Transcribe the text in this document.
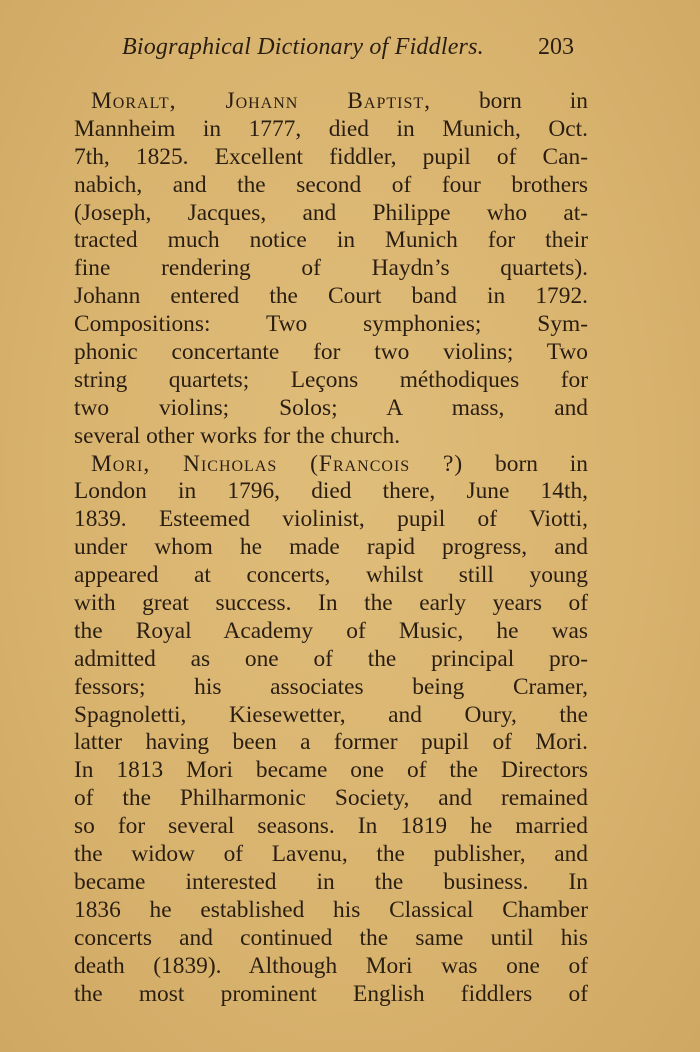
Biographical Dictionary of Fiddlers. 203
Moralt, Johann Baptist, born in
Mannheim in 1777, died in Munich, Oct.
7th, 1825. Excellent fiddler, pupil of Can-
nabich, and the second of four brothers
(Joseph, Jacques, and Philippe who at-
tracted much notice in Munich for their
fine rendering of Haydn’s quartets).
Johann entered the Court band in 1792.
Compositions: Two symphonies; Sym-
phonic concertante for two violins; Two
string quartets; Leçons méthodiques for
two violins; Solos; A mass, and
several other works for the church.
Mori, Nicholas (Francois ?) born in
London in 1796, died there, June 14th,
1839. Esteemed violinist, pupil of Viotti,
under whom he made rapid progress, and
appeared at concerts, whilst still young
with great success. In the early years of
the Royal Academy of Music, he was
admitted as one of the principal pro-
fessors; his associates being Cramer,
Spagnoletti, Kiesewetter, and Oury, the
latter having been a former pupil of Mori.
In 1813 Mori became one of the Directors
of the Philharmonic Society, and remained
so for several seasons. In 1819 he married
the widow of Lavenu, the publisher, and
became interested in the business. In
1836 he established his Classical Chamber
concerts and continued the same until his
death (1839). Although Mori was one of
the most prominent English fiddlers of
